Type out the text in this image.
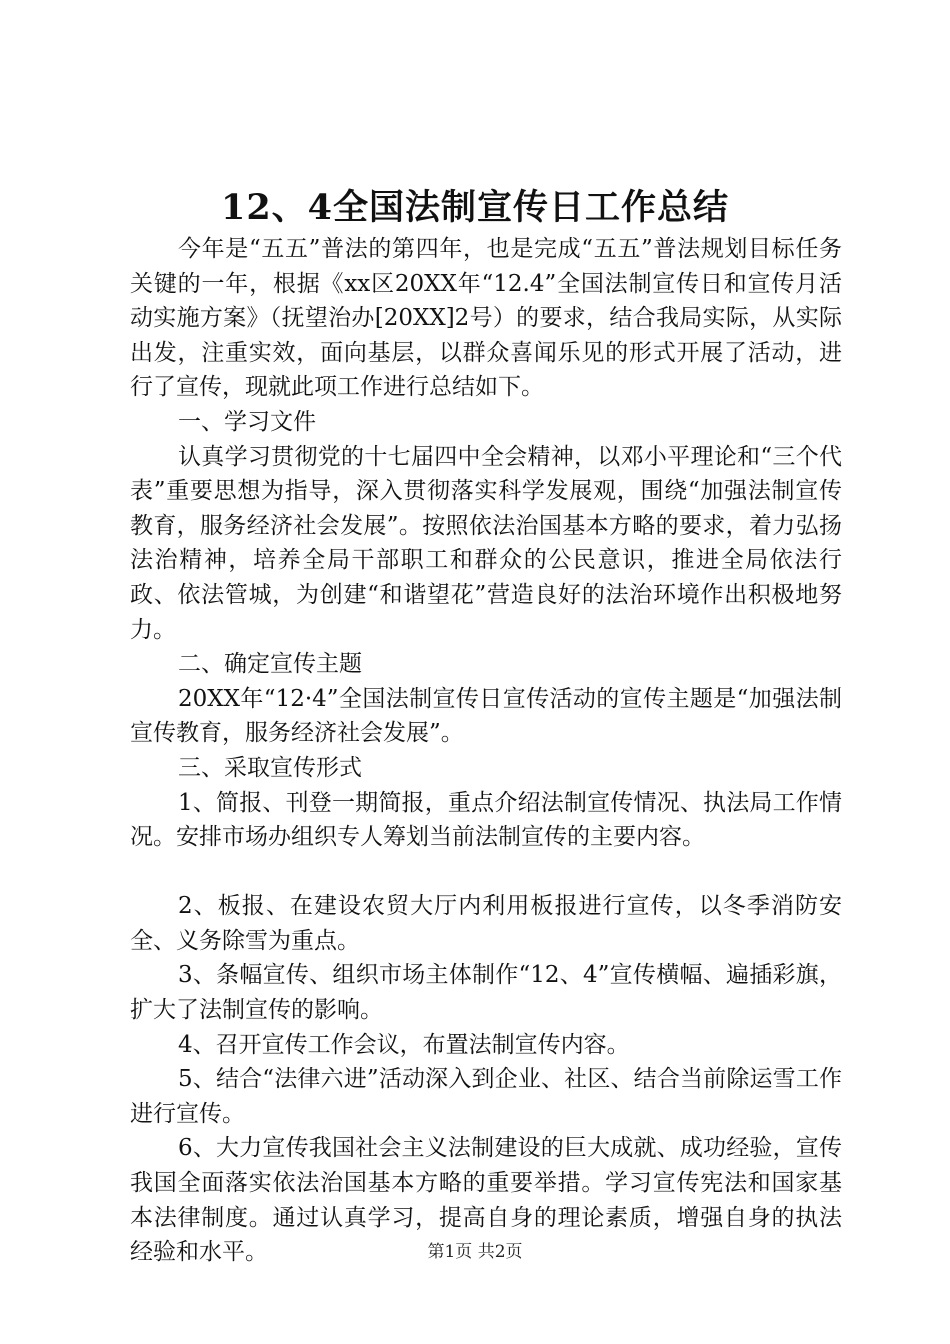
12、4全国法制宣传日工作总结

今年是“五五”普法的第四年，也是完成“五五”普法规划目标任务关键的一年，根据《xx区20XX年“12.4”全国法制宣传日和宣传月活动实施方案》（抚望治办[20XX]2号）的要求，结合我局实际，从实际出发，注重实效，面向基层，以群众喜闻乐见的形式开展了活动，进行了宣传，现就此项工作进行总结如下。

一、学习文件

认真学习贯彻党的十七届四中全会精神，以邓小平理论和“三个代表”重要思想为指导，深入贯彻落实科学发展观，围绕“加强法制宣传教育，服务经济社会发展”。按照依法治国基本方略的要求，着力弘扬法治精神，培养全局干部职工和群众的公民意识，推进全局依法行政、依法管城，为创建“和谐望花”营造良好的法治环境作出积极地努力。

二、确定宣传主题

20XX年“12·4”全国法制宣传日宣传活动的宣传主题是“加强法制宣传教育，服务经济社会发展”。

三、采取宣传形式

1、简报、刊登一期简报，重点介绍法制宣传情况、执法局工作情况。安排市场办组织专人筹划当前法制宣传的主要内容。

2、板报、在建设农贸大厅内利用板报进行宣传，以冬季消防安全、义务除雪为重点。

3、条幅宣传、组织市场主体制作“12、4”宣传横幅、遍插彩旗，扩大了法制宣传的影响。

4、召开宣传工作会议，布置法制宣传内容。

5、结合“法律六进”活动深入到企业、社区、结合当前除运雪工作进行宣传。

6、大力宣传我国社会主义法制建设的巨大成就、成功经验，宣传我国全面落实依法治国基本方略的重要举措。学习宣传宪法和国家基本法律制度。通过认真学习，提高自身的理论素质，增强自身的执法经验和水平。	第1页 共2页
